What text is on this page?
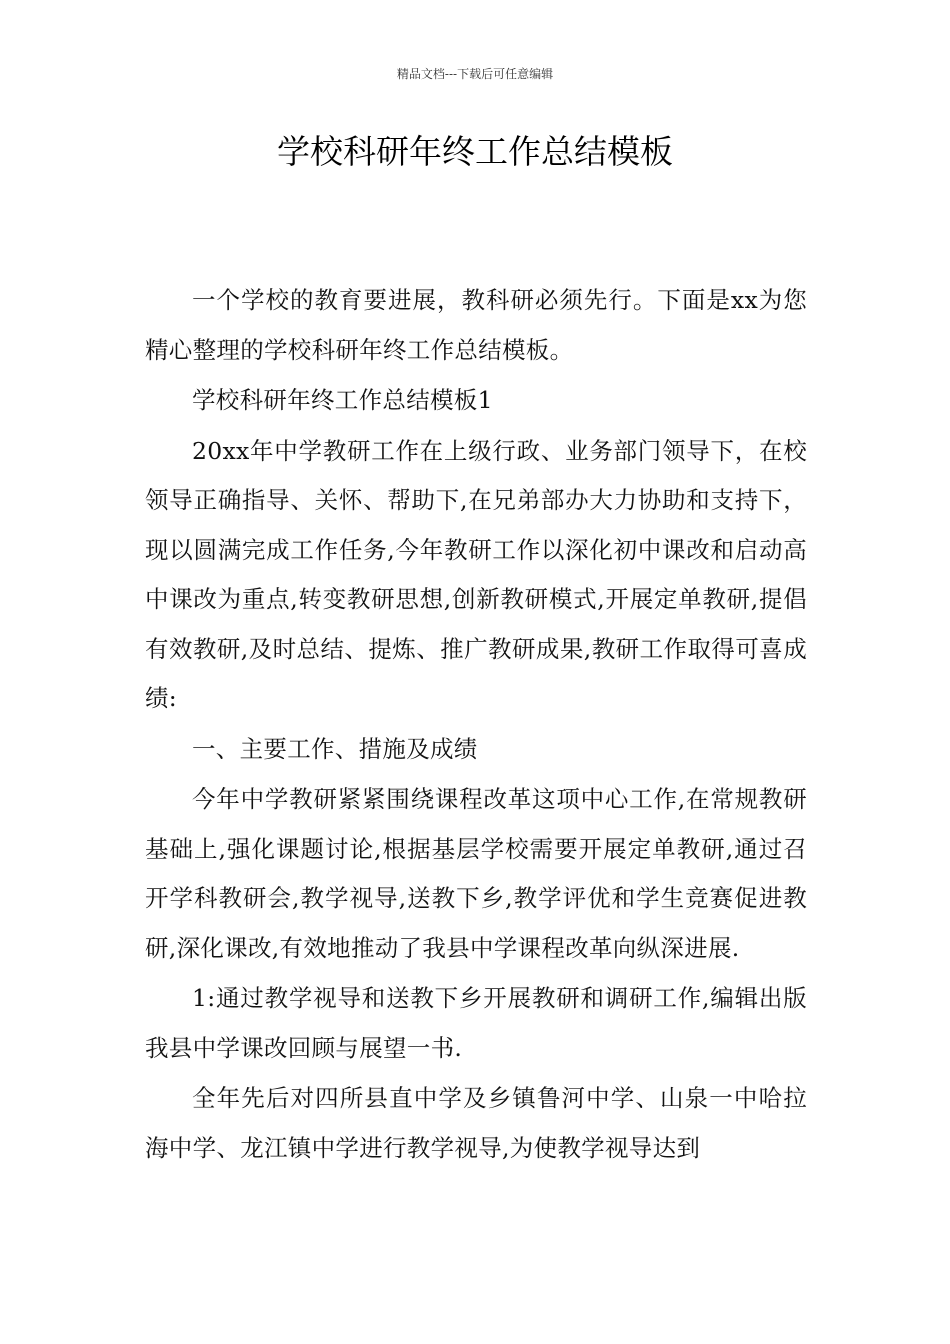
精品文档---下载后可任意编辑
学校科研年终工作总结模板

一个学校的教育要进展，教科研必须先行。下面是xx为您精心整理的学校科研年终工作总结模板。

学校科研年终工作总结模板1

20xx年中学教研工作在上级行政、业务部门领导下，在校领导正确指导、关怀、帮助下,在兄弟部办大力协助和支持下，现以圆满完成工作任务,今年教研工作以深化初中课改和启动高中课改为重点,转变教研思想,创新教研模式,开展定单教研,提倡有效教研,及时总结、提炼、推广教研成果,教研工作取得可喜成绩:

一、主要工作、措施及成绩

今年中学教研紧紧围绕课程改革这项中心工作,在常规教研基础上,强化课题讨论,根据基层学校需要开展定单教研,通过召开学科教研会,教学视导,送教下乡,教学评优和学生竞赛促进教研,深化课改,有效地推动了我县中学课程改革向纵深进展.

1:通过教学视导和送教下乡开展教研和调研工作,编辑出版我县中学课改回顾与展望一书.

全年先后对四所县直中学及乡镇鲁河中学、山泉一中哈拉海中学、龙江镇中学进行教学视导,为使教学视导达到
